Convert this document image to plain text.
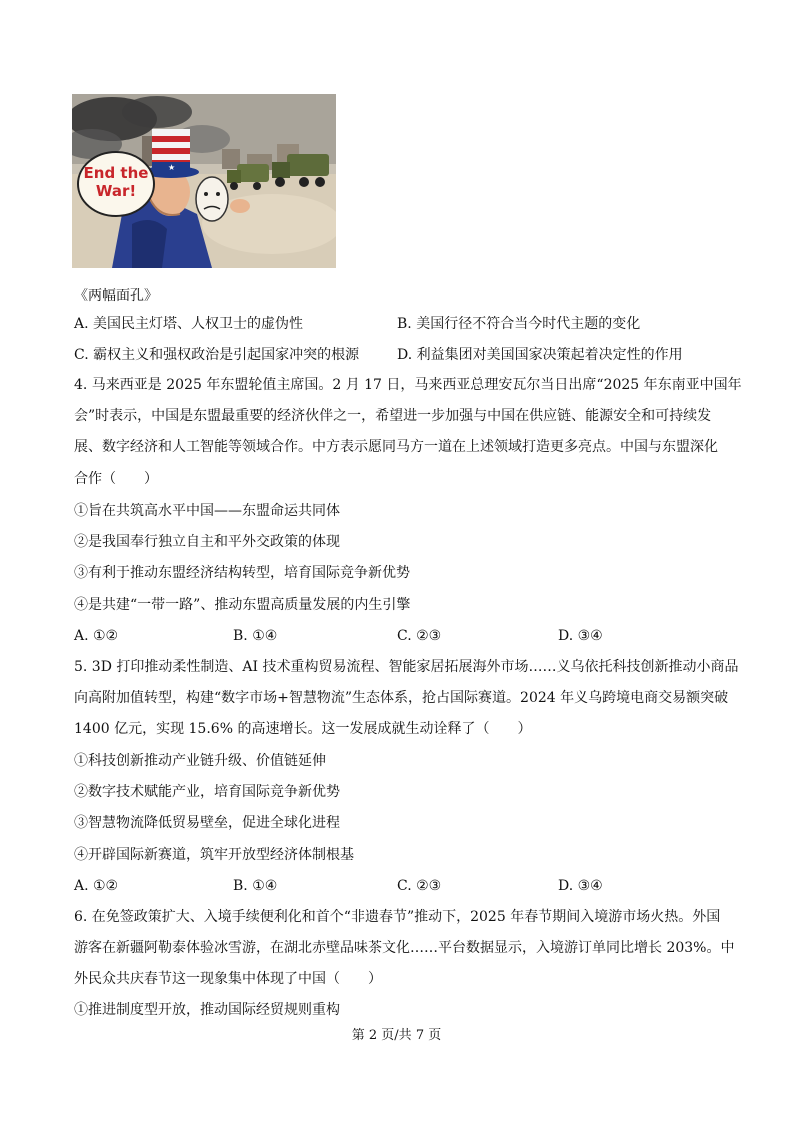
★
End the
War!
《两幅面孔》
A. 美国民主灯塔、人权卫士的虚伪性	B. 美国行径不符合当今时代主题的变化
C. 霸权主义和强权政治是引起国家冲突的根源	D. 利益集团对美国国家决策起着决定性的作用
4. 马来西亚是 2025 年东盟轮值主席国。2 月 17 日，马来西亚总理安瓦尔当日出席“2025 年东南亚中国年
会”时表示，中国是东盟最重要的经济伙伴之一，希望进一步加强与中国在供应链、能源安全和可持续发
展、数字经济和人工智能等领域合作。中方表示愿同马方一道在上述领域打造更多亮点。中国与东盟深化
合作（　　）
①旨在共筑高水平中国——东盟命运共同体
②是我国奉行独立自主和平外交政策的体现
③有利于推动东盟经济结构转型，培育国际竞争新优势
④是共建“一带一路”、推动东盟高质量发展的内生引擎
A. ①②	B. ①④	C. ②③	D. ③④
5. 3D 打印推动柔性制造、AI 技术重构贸易流程、智能家居拓展海外市场……义乌依托科技创新推动小商品
向高附加值转型，构建“数字市场+智慧物流”生态体系，抢占国际赛道。2024 年义乌跨境电商交易额突破
1400 亿元，实现 15.6% 的高速增长。这一发展成就生动诠释了（　　）
①科技创新推动产业链升级、价值链延伸
②数字技术赋能产业，培育国际竞争新优势
③智慧物流降低贸易壁垒，促进全球化进程
④开辟国际新赛道，筑牢开放型经济体制根基
A. ①②	B. ①④	C. ②③	D. ③④
6. 在免签政策扩大、入境手续便利化和首个“非遗春节”推动下，2025 年春节期间入境游市场火热。外国
游客在新疆阿勒泰体验冰雪游，在湖北赤壁品味茶文化……平台数据显示，入境游订单同比增长 203%。中
外民众共庆春节这一现象集中体现了中国（　　）
①推进制度型开放，推动国际经贸规则重构
第 2 页/共 7 页
